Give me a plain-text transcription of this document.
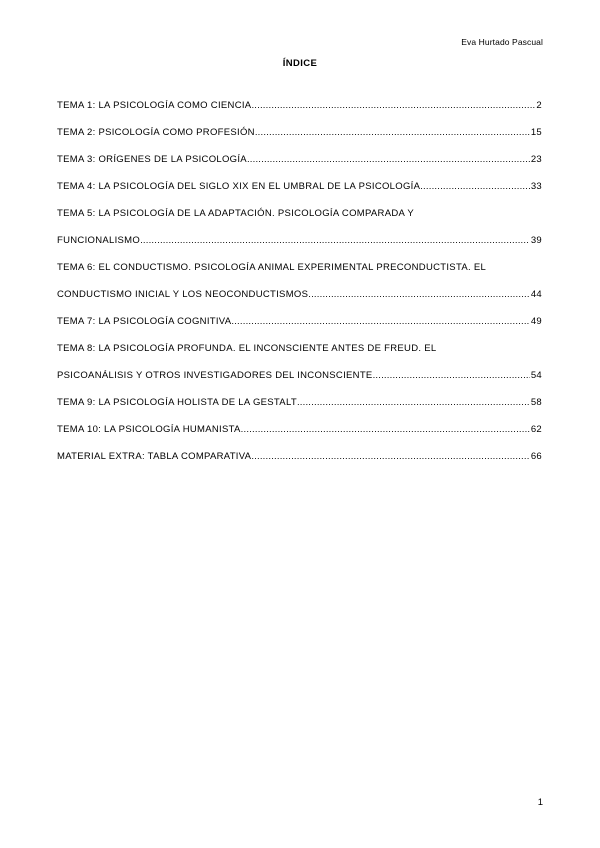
Eva Hurtado Pascual
ÍNDICE
TEMA 1: LA PSICOLOGÍA COMO CIENCIA .....	2
TEMA 2: PSICOLOGÍA COMO PROFESIÓN .....	15
TEMA 3: ORÍGENES DE LA PSICOLOGÍA .....	23
TEMA 4: LA PSICOLOGÍA DEL SIGLO XIX EN EL UMBRAL DE LA PSICOLOGÍA .....	33
TEMA 5: LA PSICOLOGÍA DE LA ADAPTACIÓN. PSICOLOGÍA COMPARADA Y
FUNCIONALISMO .....	39
TEMA 6: EL CONDUCTISMO. PSICOLOGÍA ANIMAL EXPERIMENTAL PRECONDUCTISTA. EL
CONDUCTISMO INICIAL Y LOS NEOCONDUCTISMOS .....	44
TEMA 7: LA PSICOLOGÍA COGNITIVA .....	49
TEMA 8: LA PSICOLOGÍA PROFUNDA. EL INCONSCIENTE ANTES DE FREUD. EL
PSICOANÁLISIS Y OTROS INVESTIGADORES DEL INCONSCIENTE .....	54
TEMA 9: LA PSICOLOGÍA HOLISTA DE LA GESTALT .....	58
TEMA 10: LA PSICOLOGÍA HUMANISTA .....	62
MATERIAL EXTRA: TABLA COMPARATIVA .....	66
1
